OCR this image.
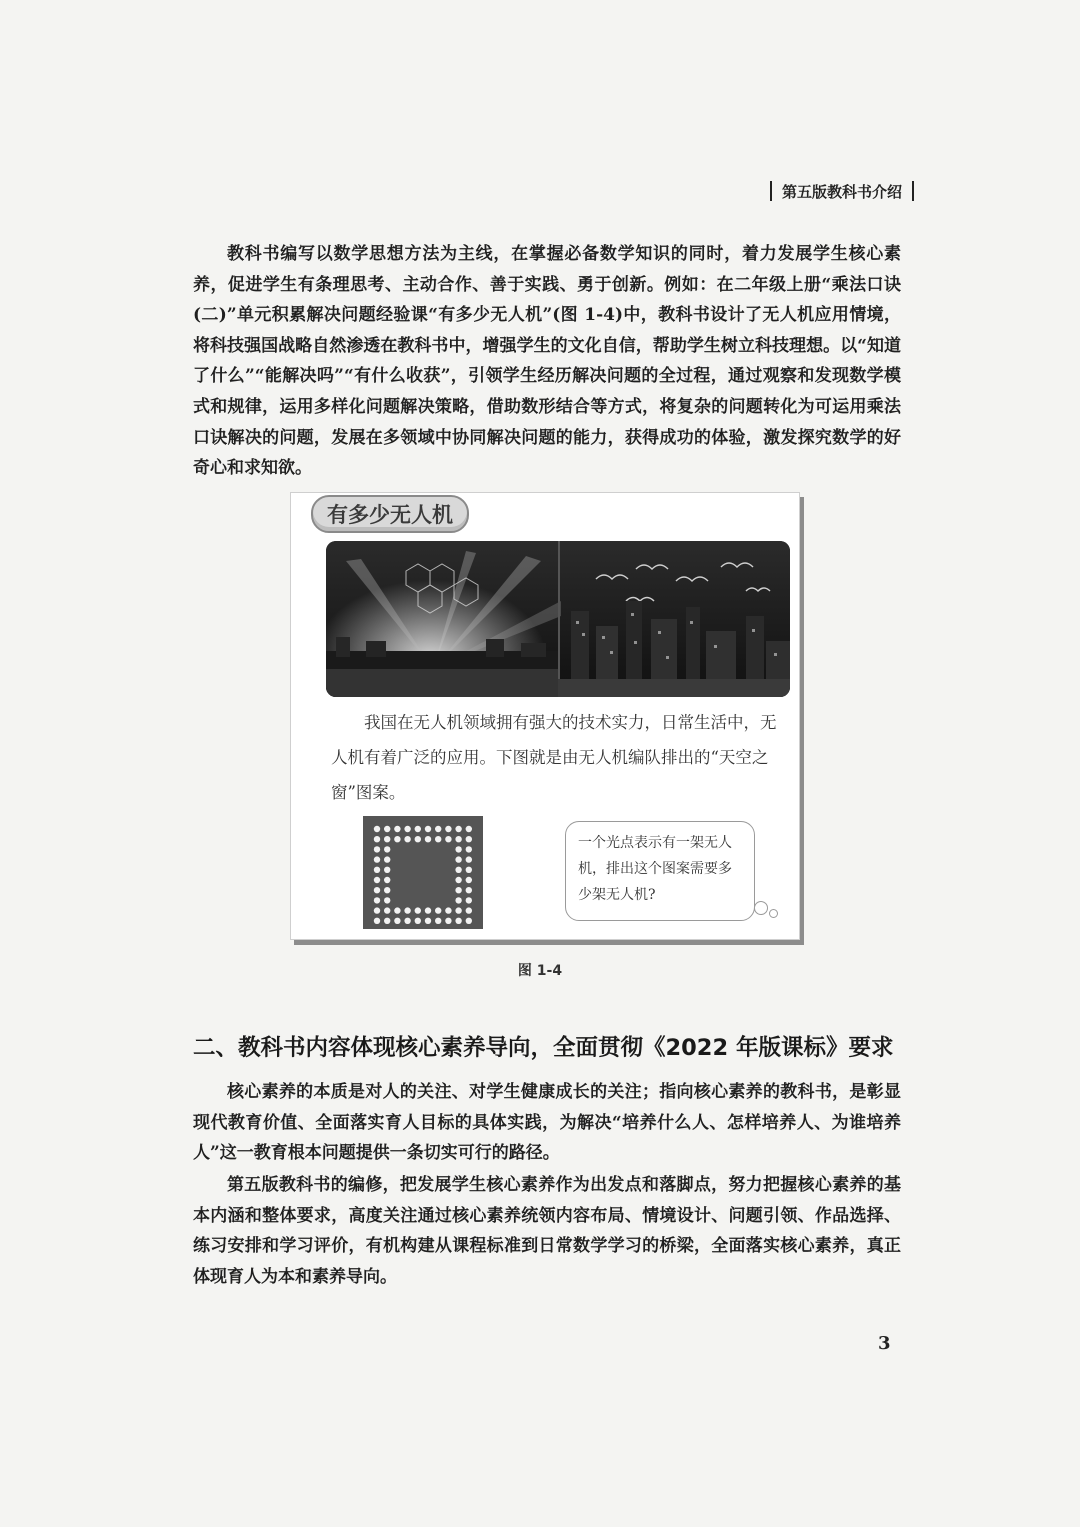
第五版教科书介绍

教科书编写以数学思想方法为主线，在掌握必备数学知识的同时，着力发展学生核心素养，促进学生有条理思考、主动合作、善于实践、勇于创新。例如：在二年级上册“乘法口诀(二)”单元积累解决问题经验课“有多少无人机”(图 1-4)中，教科书设计了无人机应用情境，将科技强国战略自然渗透在教科书中，增强学生的文化自信，帮助学生树立科技理想。以“知道了什么”“能解决吗”“有什么收获”，引领学生经历解决问题的全过程，通过观察和发现数学模式和规律，运用多样化问题解决策略，借助数形结合等方式，将复杂的问题转化为可运用乘法口诀解决的问题，发展在多领域中协同解决问题的能力，获得成功的体验，激发探究数学的好奇心和求知欲。

有多少无人机

我国在无人机领域拥有强大的技术实力，日常生活中，无人机有着广泛的应用。下图就是由无人机编队排出的“天空之窗”图案。

一个光点表示有一架无人机，排出这个图案需要多少架无人机?
图 1-4
二、教科书内容体现核心素养导向，全面贯彻《2022 年版课标》要求

核心素养的本质是对人的关注、对学生健康成长的关注；指向核心素养的教科书，是彰显现代教育价值、全面落实育人目标的具体实践，为解决“培养什么人、怎样培养人、为谁培养人”这一教育根本问题提供一条切实可行的路径。

第五版教科书的编修，把发展学生核心素养作为出发点和落脚点，努力把握核心素养的基本内涵和整体要求，高度关注通过核心素养统领内容布局、情境设计、问题引领、作品选择、练习安排和学习评价，有机构建从课程标准到日常数学学习的桥梁，全面落实核心素养，真正体现育人为本和素养导向。

3
